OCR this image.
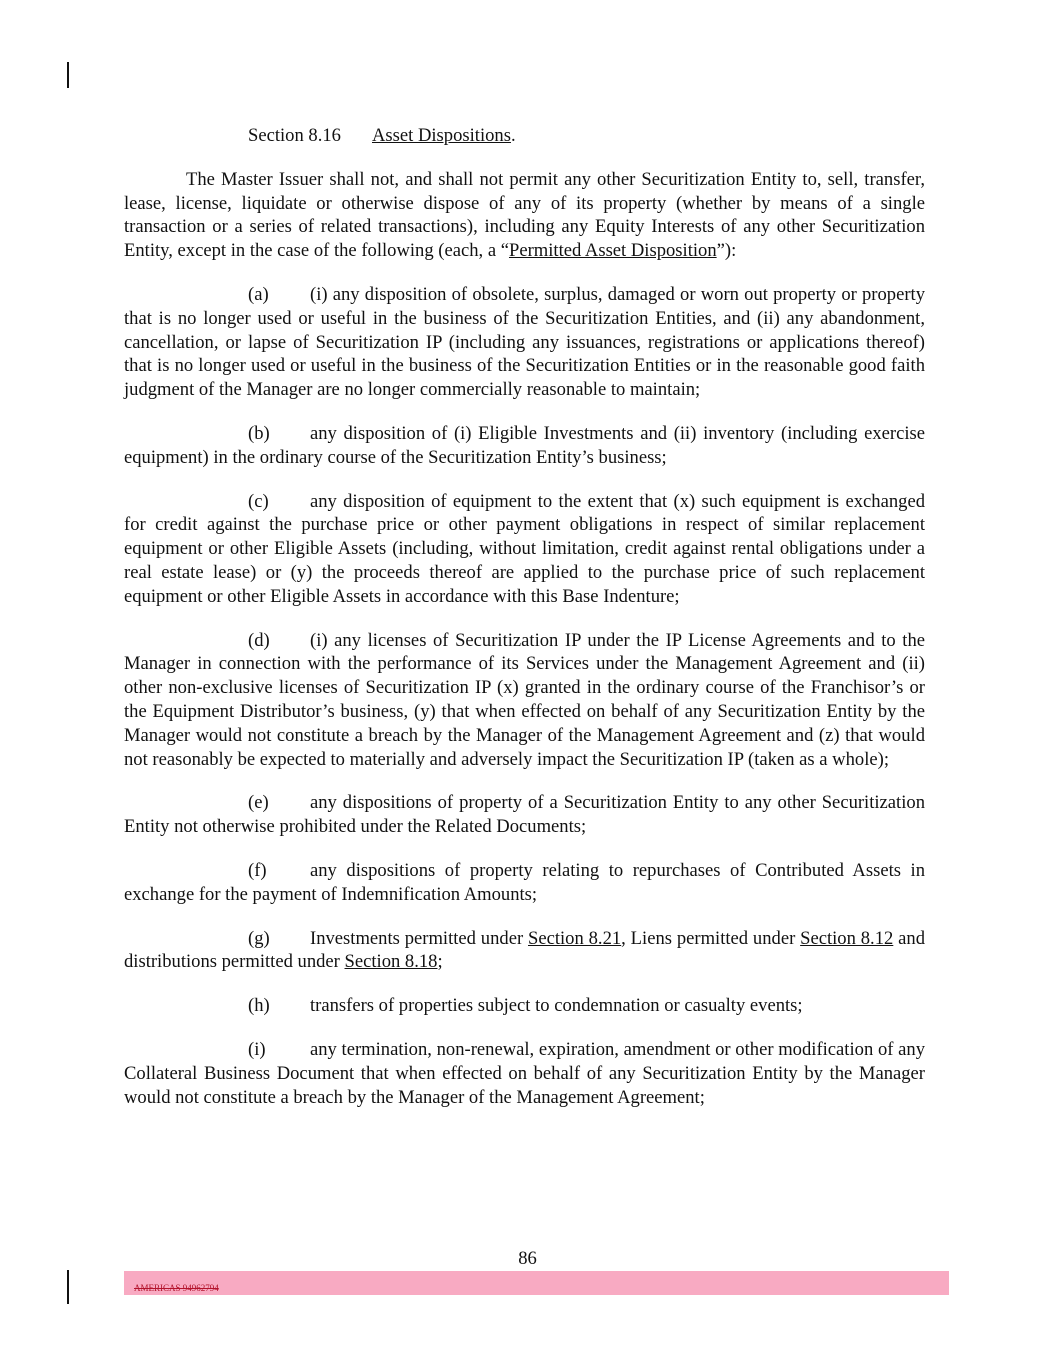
Section 8.16 Asset Dispositions.

The Master Issuer shall not, and shall not permit any other Securitization Entity to, sell, transfer, lease, license, liquidate or otherwise dispose of any of its property (whether by means of a single transaction or a series of related transactions), including any Equity Interests of any other Securitization Entity, except in the case of the following (each, a “Permitted Asset Disposition”):

(a) (i) any disposition of obsolete, surplus, damaged or worn out property or property that is no longer used or useful in the business of the Securitization Entities, and (ii) any abandonment, cancellation, or lapse of Securitization IP (including any issuances, registrations or applications thereof) that is no longer used or useful in the business of the Securitization Entities or in the reasonable good faith judgment of the Manager are no longer commercially reasonable to maintain;

(b) any disposition of (i) Eligible Investments and (ii) inventory (including exercise equipment) in the ordinary course of the Securitization Entity’s business;

(c) any disposition of equipment to the extent that (x) such equipment is exchanged for credit against the purchase price or other payment obligations in respect of similar replacement equipment or other Eligible Assets (including, without limitation, credit against rental obligations under a real estate lease) or (y) the proceeds thereof are applied to the purchase price of such replacement equipment or other Eligible Assets in accordance with this Base Indenture;

(d) (i) any licenses of Securitization IP under the IP License Agreements and to the Manager in connection with the performance of its Services under the Management Agreement and (ii) other non-exclusive licenses of Securitization IP (x) granted in the ordinary course of the Franchisor’s or the Equipment Distributor’s business, (y) that when effected on behalf of any Securitization Entity by the Manager would not constitute a breach by the Manager of the Management Agreement and (z) that would not reasonably be expected to materially and adversely impact the Securitization IP (taken as a whole);

(e) any dispositions of property of a Securitization Entity to any other Securitization Entity not otherwise prohibited under the Related Documents;

(f) any dispositions of property relating to repurchases of Contributed Assets in exchange for the payment of Indemnification Amounts;

(g) Investments permitted under Section 8.21, Liens permitted under Section 8.12 and distributions permitted under Section 8.18;

(h) transfers of properties subject to condemnation or casualty events;

(i) any termination, non-renewal, expiration, amendment or other modification of any Collateral Business Document that when effected on behalf of any Securitization Entity by the Manager would not constitute a breach by the Manager of the Management Agreement;

86
AMERICAS 94962794
